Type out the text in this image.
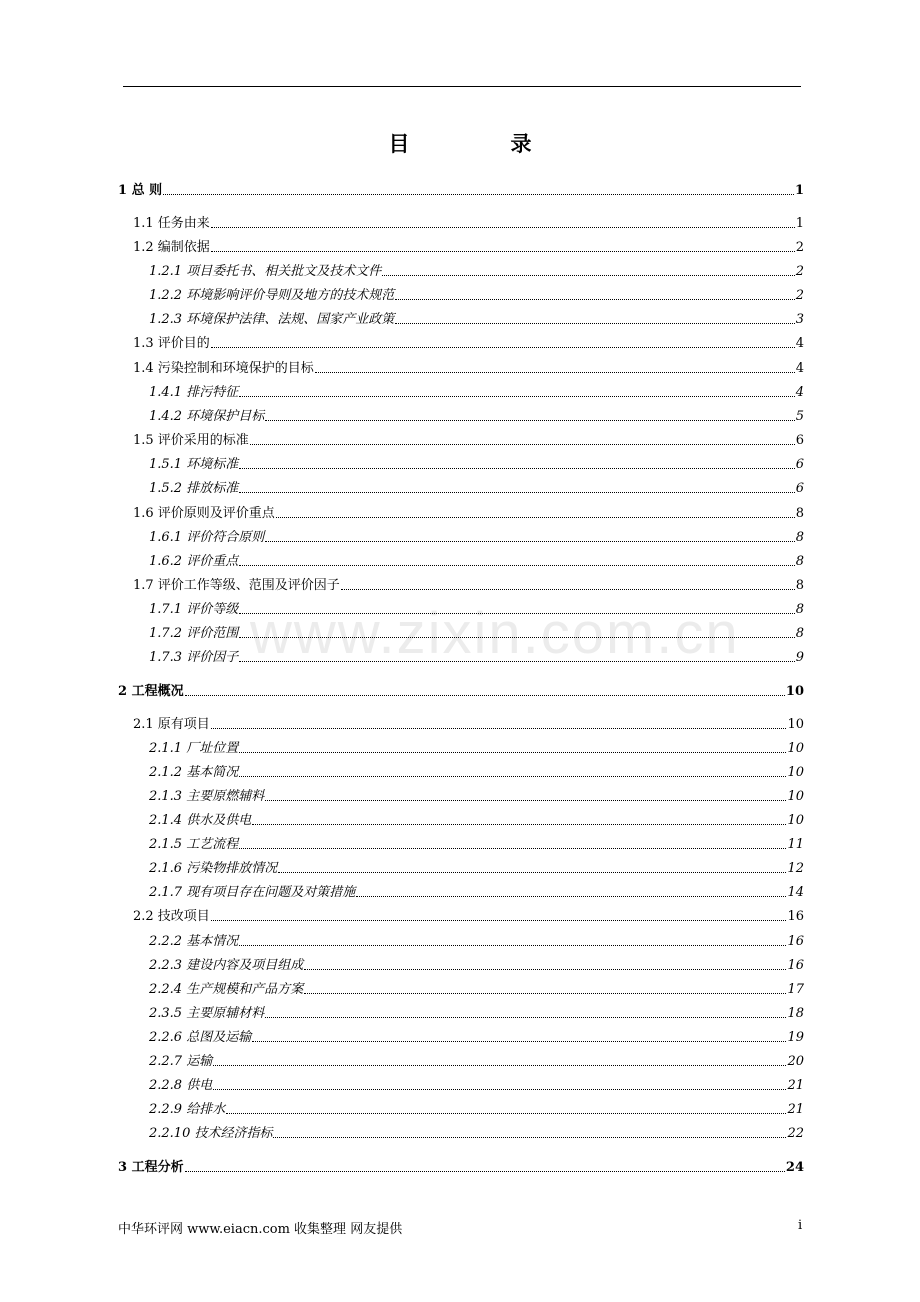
目　录
www.zixin.com.cn
1 总 则	1
1.1 任务由来	1
1.2 编制依据	2
1.2.1 项目委托书、相关批文及技术文件	2
1.2.2 环境影响评价导则及地方的技术规范	2
1.2.3 环境保护法律、法规、国家产业政策	3
1.3 评价目的	4
1.4 污染控制和环境保护的目标	4
1.4.1 排污特征	4
1.4.2 环境保护目标	5
1.5 评价采用的标准	6
1.5.1 环境标准	6
1.5.2 排放标准	6
1.6 评价原则及评价重点	8
1.6.1 评价符合原则	8
1.6.2 评价重点	8
1.7 评价工作等级、范围及评价因子	8
1.7.1 评价等级	8
1.7.2 评价范围	8
1.7.3 评价因子	9
2 工程概况	10
2.1 原有项目	10
2.1.1 厂址位置	10
2.1.2 基本简况	10
2.1.3 主要原燃辅料	10
2.1.4 供水及供电	10
2.1.5 工艺流程	11
2.1.6 污染物排放情况	12
2.1.7 现有项目存在问题及对策措施	14
2.2 技改项目	16
2.2.2 基本情况	16
2.2.3 建设内容及项目组成	16
2.2.4 生产规模和产品方案	17
2.3.5 主要原辅材料	18
2.2.6 总图及运输	19
2.2.7 运输	20
2.2.8 供电	21
2.2.9 给排水	21
2.2.10 技术经济指标	22
3 工程分析	24
中华环评网 www.eiacn.com 收集整理 网友提供	i
